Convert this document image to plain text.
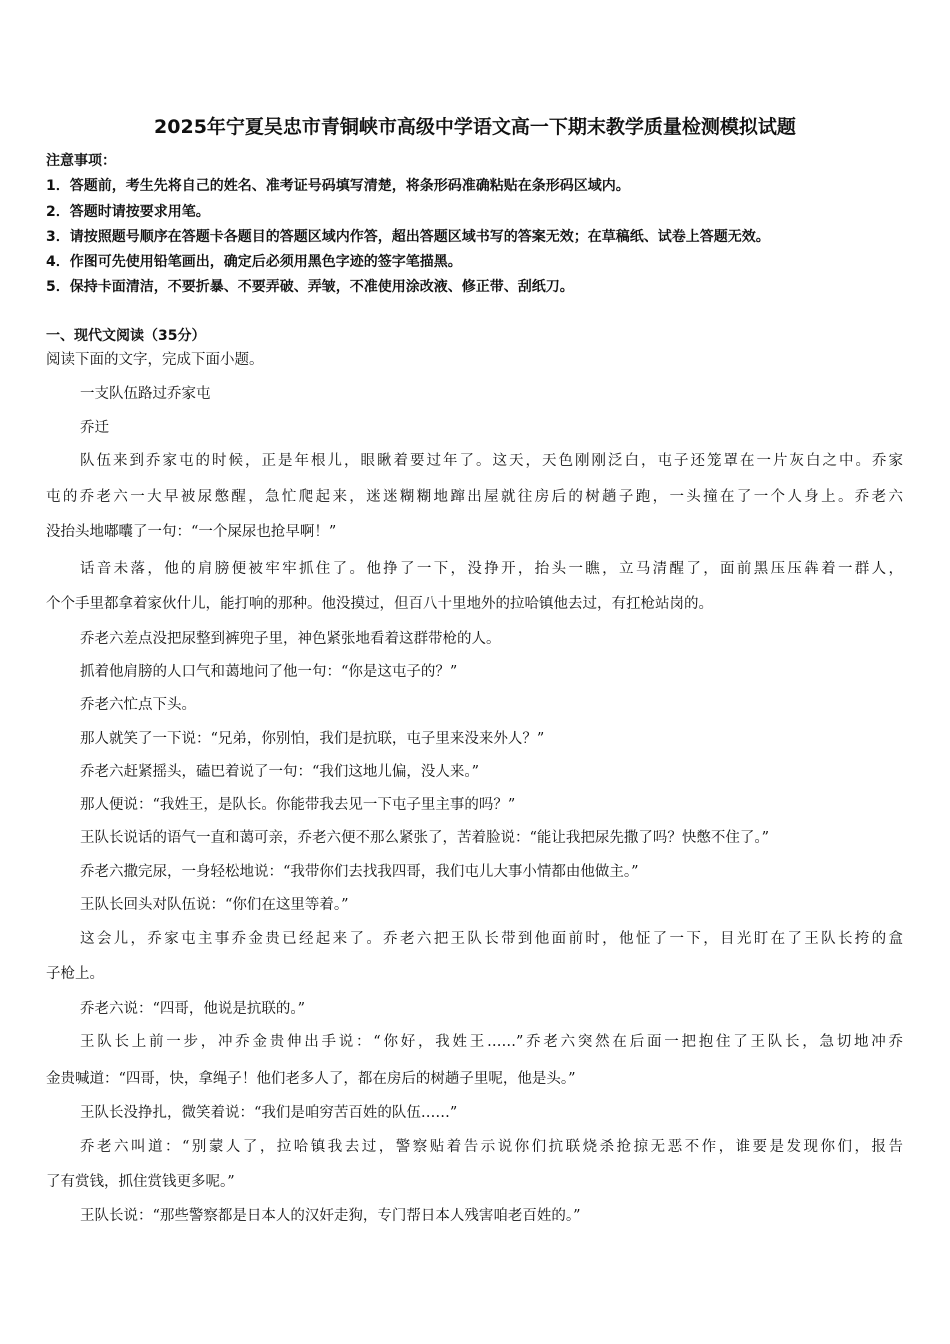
2025年宁夏吴忠市青铜峡市高级中学语文高一下期末教学质量检测模拟试题
注意事项：
1．答题前，考生先将自己的姓名、准考证号码填写清楚，将条形码准确粘贴在条形码区域内。
2．答题时请按要求用笔。
3．请按照题号顺序在答题卡各题目的答题区域内作答，超出答题区域书写的答案无效；在草稿纸、试卷上答题无效。
4．作图可先使用铅笔画出，确定后必须用黑色字迹的签字笔描黑。
5．保持卡面清洁，不要折暴、不要弄破、弄皱，不准使用涂改液、修正带、刮纸刀。
一、现代文阅读（35分）
阅读下面的文字，完成下面小题。
一支队伍路过乔家屯
乔迁
队伍来到乔家屯的时候，正是年根儿，眼瞅着要过年了。这天，天色刚刚泛白，屯子还笼罩在一片灰白之中。乔家
屯的乔老六一大早被尿憋醒，急忙爬起来，迷迷糊糊地蹿出屋就往房后的树趟子跑，一头撞在了一个人身上。乔老六
没抬头地嘟囔了一句：“一个屎尿也抢早啊！”
话音未落，他的肩膀便被牢牢抓住了。他挣了一下，没挣开，抬头一瞧，立马清醒了，面前黑压压犇着一群人，
个个手里都拿着家伙什儿，能打响的那种。他没摸过，但百八十里地外的拉哈镇他去过，有扛枪站岗的。
乔老六差点没把尿整到裤兜子里，神色紧张地看着这群带枪的人。
抓着他肩膀的人口气和蔼地问了他一句：“你是这屯子的？”
乔老六忙点下头。
那人就笑了一下说：“兄弟，你别怕，我们是抗联，屯子里来没来外人？”
乔老六赶紧摇头，磕巴着说了一句：“我们这地儿偏，没人来。”
那人便说：“我姓王，是队长。你能带我去见一下屯子里主事的吗？”
王队长说话的语气一直和蔼可亲，乔老六便不那么紧张了，苦着脸说：“能让我把尿先撒了吗？快憋不住了。”
乔老六撒完尿，一身轻松地说：“我带你们去找我四哥，我们屯儿大事小情都由他做主。”
王队长回头对队伍说：“你们在这里等着。”
这会儿，乔家屯主事乔金贵已经起来了。乔老六把王队长带到他面前时，他怔了一下，目光盯在了王队长挎的盒
子枪上。
乔老六说：“四哥，他说是抗联的。”
王队长上前一步，冲乔金贵伸出手说：“你好，我姓王……”乔老六突然在后面一把抱住了王队长，急切地冲乔
金贵喊道：“四哥，快，拿绳子！他们老多人了，都在房后的树趟子里呢，他是头。”
王队长没挣扎，微笑着说：“我们是咱穷苦百姓的队伍……”
乔老六叫道：“别蒙人了，拉哈镇我去过，警察贴着告示说你们抗联烧杀抢掠无恶不作，谁要是发现你们，报告
了有赏钱，抓住赏钱更多呢。”
王队长说：“那些警察都是日本人的汉奸走狗，专门帮日本人残害咱老百姓的。”
